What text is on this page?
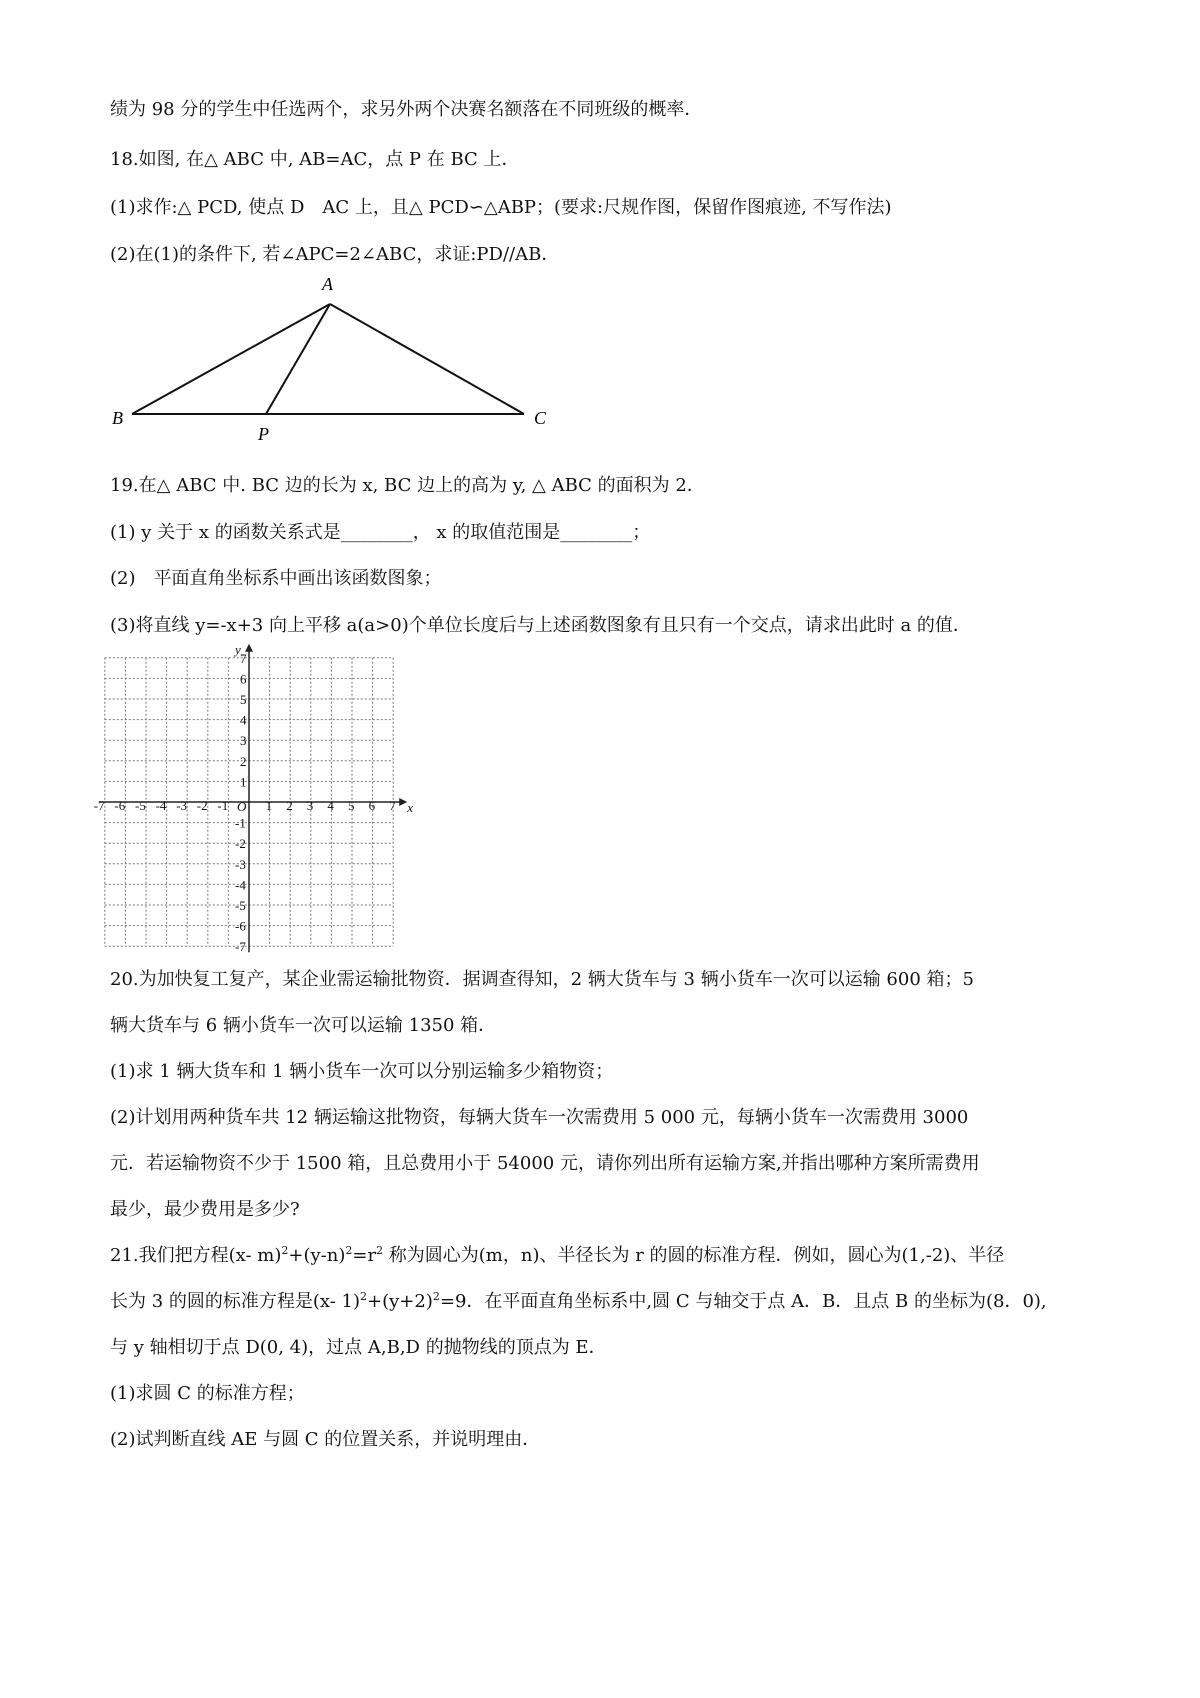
绩为 98 分的学生中任选两个，求另外两个决赛名额落在不同班级的概率．
18.如图, 在△ ABC 中, AB=AC，点 P 在 BC 上．
(1)求作:△ PCD, 使点 D　AC 上，且△ PCD∽△ABP；(要求:尺规作图，保留作图痕迹, 不写作法)
(2)在(1)的条件下, 若∠APC=2∠ABC，求证:PD//AB．
A
B	C
P
19.在△ ABC 中. BC 边的长为 x, BC 边上的高为 y, △ ABC 的面积为 2．
(1) y 关于 x 的函数关系式是________， x 的取值范围是________；
(2)　平面直角坐标系中画出该函数图象；
(3)将直线 y=-x+3 向上平移 a(a>0)个单位长度后与上述函数图象有且只有一个交点，请求出此时 a 的值．
-7 -6 -5 -4 -3 -2 -1	1 2 3 4 5 6 7
7
6
5
4
3
2
1
-1
-2
-3
-4
-5
-6
-7
O	x
y
20.为加快复工复产，某企业需运输批物资．据调查得知，2 辆大货车与 3 辆小货车一次可以运输 600 箱；5
辆大货车与 6 辆小货车一次可以运输 1350 箱．
(1)求 1 辆大货车和 1 辆小货车一次可以分别运输多少箱物资；
(2)计划用两种货车共 12 辆运输这批物资，每辆大货车一次需费用 5 000 元，每辆小货车一次需费用 3000
元．若运输物资不少于 1500 箱，且总费用小于 54000 元，请你列出所有运输方案,并指出哪种方案所需费用
最少，最少费用是多少?
21.我们把方程(x- $m)^2+(y-n)^2=r^2$ 称为圆心为(m，n)、半径长为 r 的圆的标准方程．例如，圆心为(1,-2)、半径
长为 3 的圆的标准方程是(x- $1)^2+(y+2)^2=9$．在平面直角坐标系中,圆 C 与轴交于点 A．B．且点 B 的坐标为(8．0),
与 y 轴相切于点 D(0, 4)，过点 A,B,D 的抛物线的顶点为 E．
(1)求圆 C 的标准方程；
(2)试判断直线 AE 与圆 C 的位置关系，并说明理由．
